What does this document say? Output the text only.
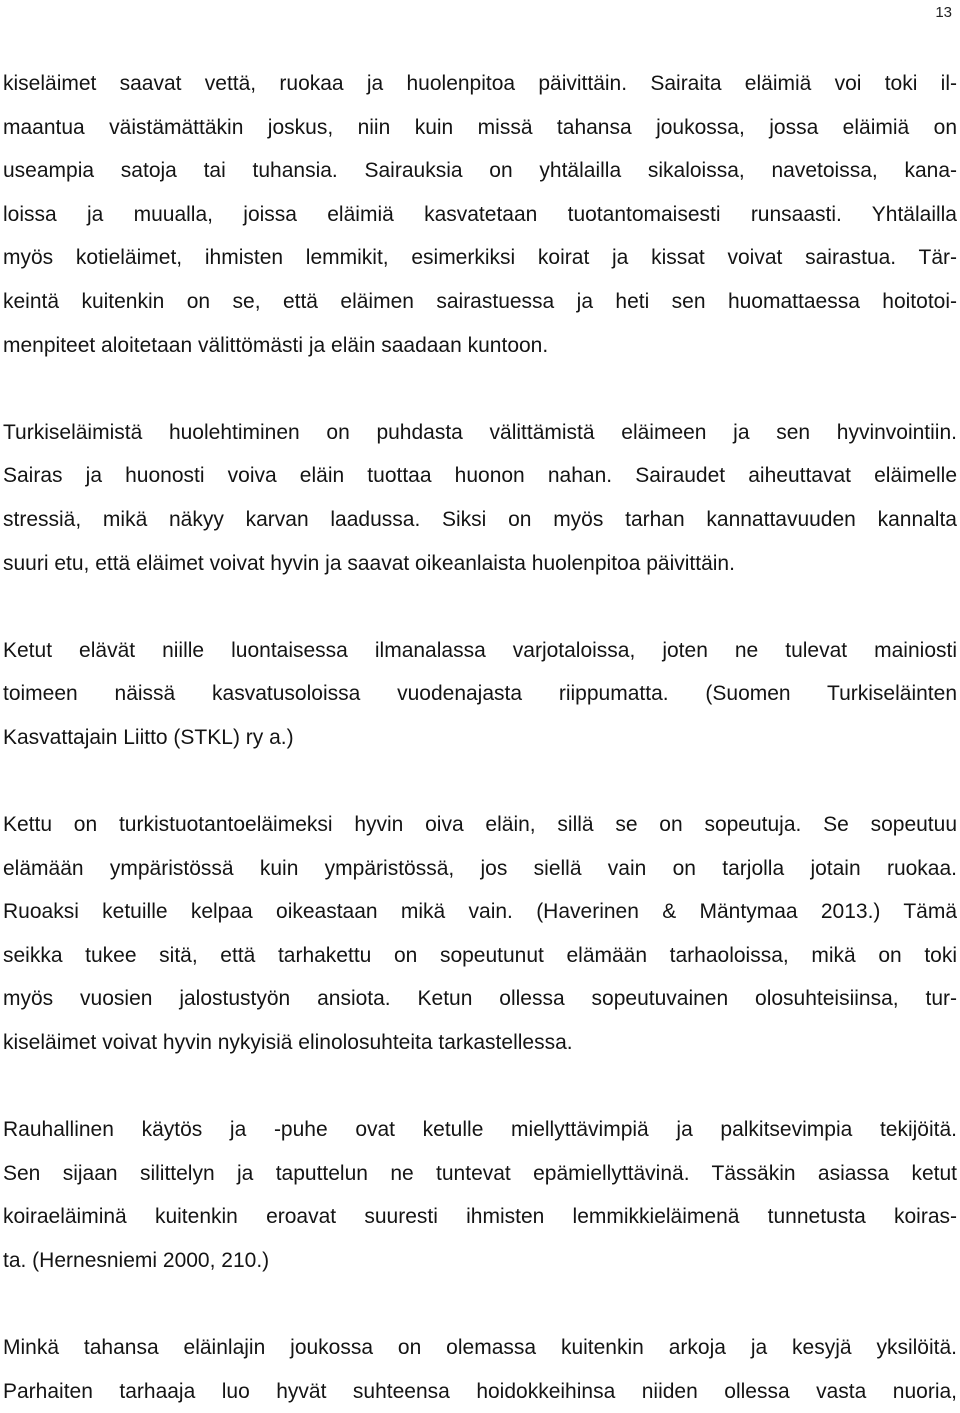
13
kiseläimet saavat vettä, ruokaa ja huolenpitoa päivittäin. Sairaita eläimiä voi toki il-
maantua väistämättäkin joskus, niin kuin missä tahansa joukossa, jossa eläimiä on
useampia satoja tai tuhansia. Sairauksia on yhtälailla sikaloissa, navetoissa, kana-
loissa ja muualla, joissa eläimiä kasvatetaan tuotantomaisesti runsaasti. Yhtälailla
myös kotieläimet, ihmisten lemmikit, esimerkiksi koirat ja kissat voivat sairastua. Tär-
keintä kuitenkin on se, että eläimen sairastuessa ja heti sen huomattaessa hoitotoi-
menpiteet aloitetaan välittömästi ja eläin saadaan kuntoon.
Turkiseläimistä huolehtiminen on puhdasta välittämistä eläimeen ja sen hyvinvointiin.
Sairas ja huonosti voiva eläin tuottaa huonon nahan. Sairaudet aiheuttavat eläimelle
stressiä, mikä näkyy karvan laadussa. Siksi on myös tarhan kannattavuuden kannalta
suuri etu, että eläimet voivat hyvin ja saavat oikeanlaista huolenpitoa päivittäin.
Ketut elävät niille luontaisessa ilmanalassa varjotaloissa, joten ne tulevat mainiosti
toimeen näissä kasvatusoloissa vuodenajasta riippumatta. (Suomen Turkiseläinten
Kasvattajain Liitto (STKL) ry a.)
Kettu on turkistuotantoeläimeksi hyvin oiva eläin, sillä se on sopeutuja. Se sopeutuu
elämään ympäristössä kuin ympäristössä, jos siellä vain on tarjolla jotain ruokaa.
Ruoaksi ketuille kelpaa oikeastaan mikä vain. (Haverinen & Mäntymaa 2013.) Tämä
seikka tukee sitä, että tarhakettu on sopeutunut elämään tarhaoloissa, mikä on toki
myös vuosien jalostustyön ansiota. Ketun ollessa sopeutuvainen olosuhteisiinsa, tur-
kiseläimet voivat hyvin nykyisiä elinolosuhteita tarkastellessa.
Rauhallinen käytös ja -puhe ovat ketulle miellyttävimpiä ja palkitsevimpia tekijöitä.
Sen sijaan silittelyn ja taputtelun ne tuntevat epämiellyttävinä. Tässäkin asiassa ketut
koiraeläiminä kuitenkin eroavat suuresti ihmisten lemmikkieläimenä tunnetusta koiras-
ta. (Hernesniemi 2000, 210.)
Minkä tahansa eläinlajin joukossa on olemassa kuitenkin arkoja ja kesyjä yksilöitä.
Parhaiten tarhaaja luo hyvät suhteensa hoidokkeihinsa niiden ollessa vasta nuoria,
